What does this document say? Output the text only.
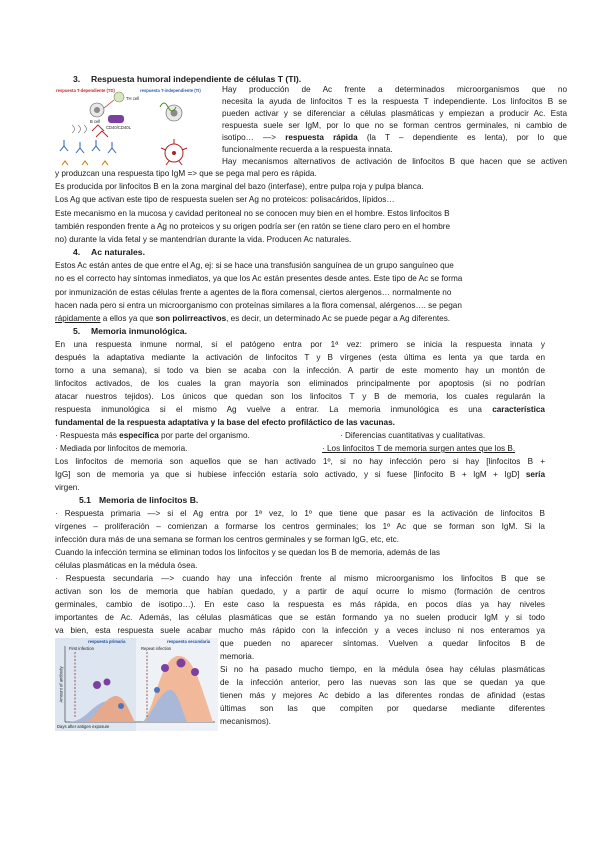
3. Respuesta humoral independiente de células T (TI).
respuesta T-dependiente (TD)	respuesta T-independiente (TI)
TH cell
B cell
CD40/CD40L
Hay producción de Ac frente a determinados microorganismos que no
necesita la ayuda de linfocitos T es la respuesta T independiente. Los linfocitos B se
pueden activar y se diferenciar a células plasmáticas y empiezan a producir Ac. Esta
respuesta suele ser IgM, por lo que no se forman centros germinales, ni cambio de
isotipo… —> respuesta rápida (la T – dependiente es lenta), por lo que
funcionalmente recuerda a la respuesta innata.
Hay mecanismos alternativos de activación de linfocitos B que hacen que se activen
y produzcan una respuesta tipo IgM => que se pega mal pero es rápida.
Es producida por linfocitos B en la zona marginal del bazo (interfase), entre pulpa roja y pulpa blanca.
Los Ag que activan este tipo de respuesta suelen ser Ag no proteicos: polisacáridos, lípidos…
Este mecanismo en la mucosa y cavidad peritoneal no se conocen muy bien en el hombre. Estos linfocitos B
también responden frente a Ag no proteicos y su origen podría ser (en ratón se tiene claro pero en el hombre
no) durante la vida fetal y se mantendrían durante la vida. Producen Ac naturales.
4. Ac naturales.
Estos Ac están antes de que entre el Ag, ej: si se hace una transfusión sanguínea de un grupo sanguíneo que
no es el correcto hay síntomas inmediatos, ya que los Ac están presentes desde antes. Este tipo de Ac se forma
por inmunización de estas células frente a agentes de la flora comensal, ciertos alergenos… normalmente no
hacen nada pero si entra un microorganismo con proteínas similares a la flora comensal, alérgenos…. se pegan
rápidamente a ellos ya que son polirreactivos, es decir, un determinado Ac se puede pegar a Ag diferentes.
5. Memoria inmunológica.
En una respuesta inmune normal, si el patógeno entra por 1ª vez: primero se inicia la respuesta innata y
después la adaptativa mediante la activación de linfocitos T y B vírgenes (esta última es lenta ya que tarda en
torno a una semana), si todo va bien se acaba con la infección. A partir de este momento hay un montón de
linfocitos activados, de los cuales la gran mayoría son eliminados principalmente por apoptosis (si no podrían
atacar nuestros tejidos). Los únicos que quedan son los linfocitos T y B de memoria, los cuales regularán la
respuesta inmunológica si el mismo Ag vuelve a entrar. La memoria inmunológica es una característica
fundamental de la respuesta adaptativa y la base del efecto profiláctico de las vacunas.
· Respuesta más específica por parte del organismo.	· Diferencias cuantitativas y cualitativas.
· Mediada por linfocitos de memoria.	· Los linfocitos T de memoria surgen antes que los B.
Los linfocitos de memoria son aquellos que se han activado 1º, si no hay infección pero si hay [linfocitos B +
IgG] son de memoria ya que si hubiese infección estaría solo activado, y si fuese [linfocito B + IgM + IgD] sería
virgen.
5.1 Memoria de linfocitos B.
· Respuesta primaria —> si el Ag entra por 1ª vez, lo 1º que tiene que pasar es la activación de linfocitos B
vírgenes – proliferación – comienzan a formarse los centros germinales; los 1º Ac que se forman son IgM. Si la
infección dura más de una semana se forman los centros germinales y se forman IgG, etc, etc.
Cuando la infección termina se eliminan todos los linfocitos y se quedan los B de memoria, además de las
células plasmáticas en la médula ósea.
· Respuesta secundaria —> cuando hay una infección frente al mismo microorganismo los linfocitos B que se
activan son los de memoria que habían quedado, y a partir de aquí ocurre lo mismo (formación de centros
germinales, cambio de isotipo…). En este caso la respuesta es más rápida, en pocos días ya hay niveles
importantes de Ac. Además, las células plasmáticas que se están formando ya no suelen producir IgM y si todo
va bien, esta respuesta suele acabar mucho más rápido con la infección y a veces incluso ni nos enteramos ya
respuesta primaria	respuesta secundaria
First infection	Repeat infection
Amount of antibody
Days after antigen exposure
que pueden no aparecer síntomas. Vuelven a quedar linfocitos B de
memoria.
Si no ha pasado mucho tiempo, en la médula ósea hay células plasmáticas
de la infección anterior, pero las nuevas son las que se quedan ya que
tienen más y mejores Ac debido a las diferentes rondas de afinidad (estas
últimas son las que compiten por quedarse mediante diferentes
mecanismos).
